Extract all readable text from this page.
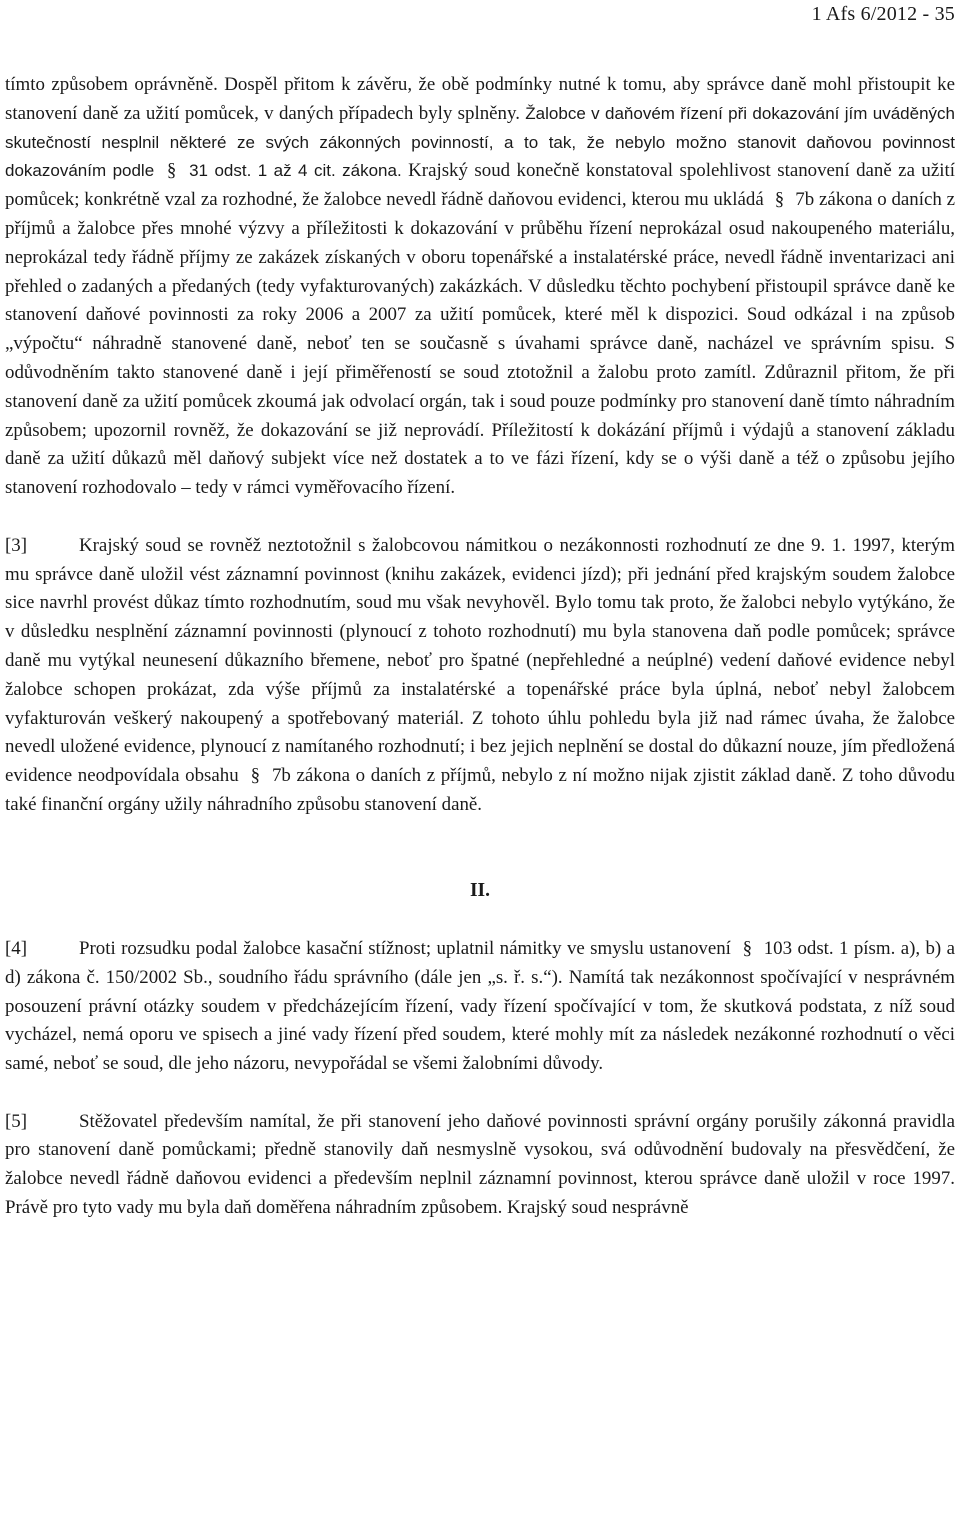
1 Afs 6/2012 - 35

tímto způsobem oprávněně. Dospěl přitom k závěru, že obě podmínky nutné k tomu, aby správce daně mohl přistoupit ke stanovení daně za užití pomůcek, v daných případech byly splněny. Žalobce v daňovém řízení při dokazování jím uváděných skutečností nesplnil některé ze svých zákonných povinností, a to tak, že nebylo možno stanovit daňovou povinnost dokazováním podle § 31 odst. 1 až 4 cit. zákona. Krajský soud konečně konstatoval spolehlivost stanovení daně za užití pomůcek; konkrétně vzal za rozhodné, že žalobce nevedl řádně daňovou evidenci, kterou mu ukládá § 7b zákona o daních z příjmů a žalobce přes mnohé výzvy a příležitosti k dokazování v průběhu řízení neprokázal osud nakoupeného materiálu, neprokázal tedy řádně příjmy ze zakázek získaných v oboru topenářské a instalatérské práce, nevedl řádně inventarizaci ani přehled o zadaných a předaných (tedy vyfakturovaných) zakázkách. V důsledku těchto pochybení přistoupil správce daně ke stanovení daňové povinnosti za roky 2006 a 2007 za užití pomůcek, které měl k dispozici. Soud odkázal i na způsob „výpočtu“ náhradně stanovené daně, neboť ten se současně s úvahami správce daně, nacházel ve správním spisu. S odůvodněním takto stanovené daně i její přiměřeností se soud ztotožnil a žalobu proto zamítl. Zdůraznil přitom, že při stanovení daně za užití pomůcek zkoumá jak odvolací orgán, tak i soud pouze podmínky pro stanovení daně tímto náhradním způsobem; upozornil rovněž, že dokazování se již neprovádí. Příležitostí k dokázání příjmů i výdajů a stanovení základu daně za užití důkazů měl daňový subjekt více než dostatek a to ve fázi řízení, kdy se o výši daně a též o způsobu jejího stanovení rozhodovalo – tedy v rámci vyměřovacího řízení.

[3]	Krajský soud se rovněž neztotožnil s žalobcovou námitkou o nezákonnosti rozhodnutí ze dne 9. 1. 1997, kterým mu správce daně uložil vést záznamní povinnost (knihu zakázek, evidenci jízd); při jednání před krajským soudem žalobce sice navrhl provést důkaz tímto rozhodnutím, soud mu však nevyhověl. Bylo tomu tak proto, že žalobci nebylo vytýkáno, že v důsledku nesplnění záznamní povinnosti (plynoucí z tohoto rozhodnutí) mu byla stanovena daň podle pomůcek; správce daně mu vytýkal neunesení důkazního břemene, neboť pro špatné (nepřehledné a neúplné) vedení daňové evidence nebyl žalobce schopen prokázat, zda výše příjmů za instalatérské a topenářské práce byla úplná, neboť nebyl žalobcem vyfakturován veškerý nakoupený a spotřebovaný materiál. Z tohoto úhlu pohledu byla již nad rámec úvaha, že žalobce nevedl uložené evidence, plynoucí z namítaného rozhodnutí; i bez jejich neplnění se dostal do důkazní nouze, jím předložená evidence neodpovídala obsahu § 7b zákona o daních z příjmů, nebylo z ní možno nijak zjistit základ daně. Z toho důvodu také finanční orgány užily náhradního způsobu stanovení daně.

II.

[4]	Proti rozsudku podal žalobce kasační stížnost; uplatnil námitky ve smyslu ustanovení § 103 odst. 1 písm. a), b) a d) zákona č. 150/2002 Sb., soudního řádu správního (dále jen „s. ř. s.“). Namítá tak nezákonnost spočívající v nesprávném posouzení právní otázky soudem v předcházejícím řízení, vady řízení spočívající v tom, že skutková podstata, z níž soud vycházel, nemá oporu ve spisech a jiné vady řízení před soudem, které mohly mít za následek nezákonné rozhodnutí o věci samé, neboť se soud, dle jeho názoru, nevypořádal se všemi žalobními důvody.

[5]	Stěžovatel především namítal, že při stanovení jeho daňové povinnosti správní orgány porušily zákonná pravidla pro stanovení daně pomůckami; předně stanovily daň nesmyslně vysokou, svá odůvodnění budovaly na přesvědčení, že žalobce nevedl řádně daňovou evidenci a především neplnil záznamní povinnost, kterou správce daně uložil v roce 1997. Právě pro tyto vady mu byla daň doměřena náhradním způsobem. Krajský soud nesprávně
